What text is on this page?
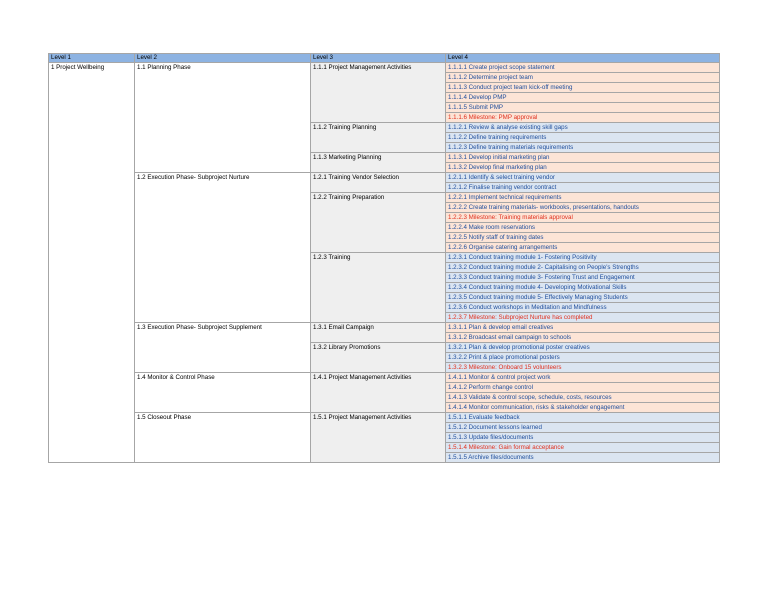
Level 1	Level 2	Level 3	Level 4
1 Project Wellbeing	1.1 Planning Phase	1.1.1 Project Management Activities	1.1.1.1 Create project scope statement
			1.1.1.2 Determine project team
			1.1.1.3 Conduct project team kick-off meeting
			1.1.1.4 Develop PMP
			1.1.1.5 Submit PMP
			1.1.1.6 Milestone: PMP approval
		1.1.2 Training Planning	1.1.2.1 Review & analyse existing skill gaps
			1.1.2.2 Define training requirements
			1.1.2.3 Define training materials requirements
		1.1.3 Marketing Planning	1.1.3.1 Develop initial marketing plan
			1.1.3.2 Develop final marketing plan
	1.2 Execution Phase- Subproject Nurture	1.2.1 Training Vendor Selection	1.2.1.1 Identify & select training vendor
			1.2.1.2 Finalise training vendor contract
		1.2.2 Training Preparation	1.2.2.1 Implement technical requirements
			1.2.2.2 Create training materials- workbooks, presentations, handouts
			1.2.2.3 Milestone: Training materials approval
			1.2.2.4 Make room reservations
			1.2.2.5 Notify staff of training dates
			1.2.2.6 Organise catering arrangements
		1.2.3 Training	1.2.3.1 Conduct training module 1- Fostering Positivity
			1.2.3.2 Conduct training module 2- Capitalising on People's Strengths
			1.2.3.3 Conduct training module 3- Fostering Trust and Engagement
			1.2.3.4 Conduct training module 4- Developing Motivational Skills
			1.2.3.5 Conduct training module 5- Effectively Managing Students
			1.2.3.6 Conduct workshops in Meditation and Mindfulness
			1.2.3.7 Milestone: Subproject Nurture has completed
	1.3 Execution Phase- Subproject Supplement	1.3.1 Email Campaign	1.3.1.1 Plan & develop email creatives
			1.3.1.2 Broadcast email campaign to schools
		1.3.2 Library Promotions	1.3.2.1 Plan & develop promotional poster creatives
			1.3.2.2 Print & place promotional posters
			1.3.2.3 Milestone: Onboard 15 volunteers
	1.4 Monitor & Control Phase	1.4.1 Project Management Activities	1.4.1.1 Monitor & control project work
			1.4.1.2 Perform change control
			1.4.1.3 Validate & control scope, schedule, costs, resources
			1.4.1.4 Monitor communication, risks & stakeholder engagement
	1.5 Closeout Phase	1.5.1 Project Management Activities	1.5.1.1 Evaluate feedback
			1.5.1.2 Document lessons learned
			1.5.1.3 Update files/documents
			1.5.1.4 Milestone: Gain formal acceptance
			1.5.1.5 Archive files/documents
